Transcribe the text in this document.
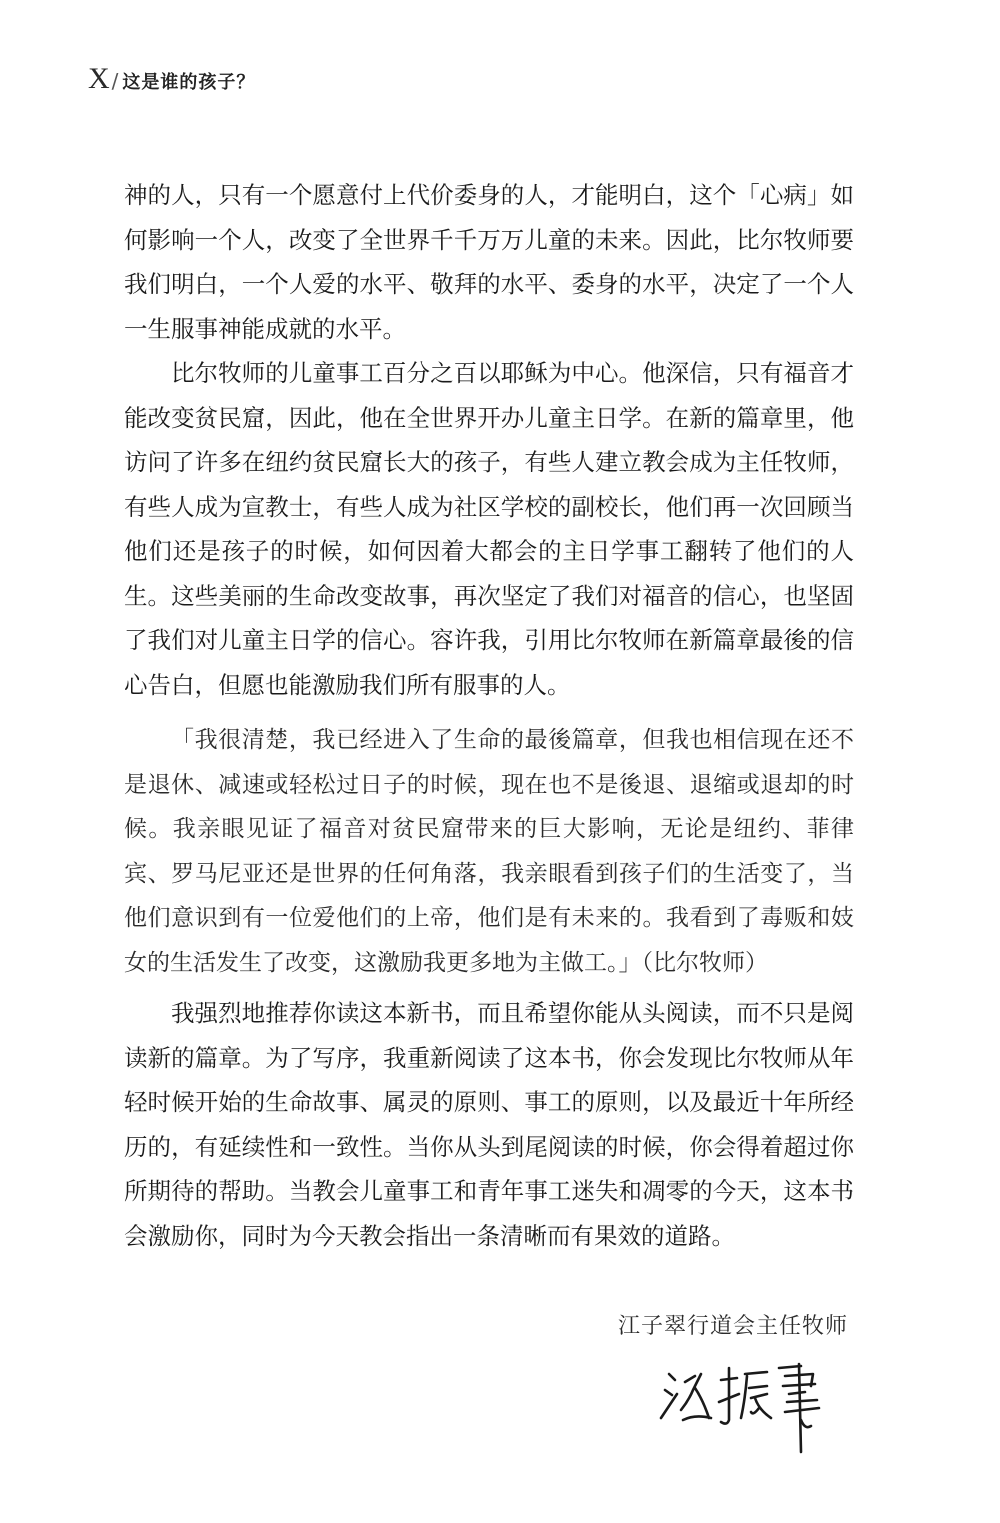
X / 这是谁的孩子？

神的人，只有一个愿意付上代价委身的人，才能明白，这个「心病」如何影响一个人，改变了全世界千千万万儿童的未来。因此，比尔牧师要我们明白，一个人爱的水平、敬拜的水平、委身的水平，决定了一个人一生服事神能成就的水平。

比尔牧师的儿童事工百分之百以耶稣为中心。他深信，只有福音才能改变贫民窟，因此，他在全世界开办儿童主日学。在新的篇章里，他访问了许多在纽约贫民窟长大的孩子，有些人建立教会成为主任牧师，有些人成为宣教士，有些人成为社区学校的副校长，他们再一次回顾当他们还是孩子的时候，如何因着大都会的主日学事工翻转了他们的人生。这些美丽的生命改变故事，再次坚定了我们对福音的信心，也坚固了我们对儿童主日学的信心。容许我，引用比尔牧师在新篇章最後的信心告白，但愿也能激励我们所有服事的人。

「我很清楚，我已经进入了生命的最後篇章，但我也相信现在还不是退休、减速或轻松过日子的时候，现在也不是後退、退缩或退却的时候。我亲眼见证了福音对贫民窟带来的巨大影响，无论是纽约、菲律宾、罗马尼亚还是世界的任何角落，我亲眼看到孩子们的生活变了，当他们意识到有一位爱他们的上帝，他们是有未来的。我看到了毒贩和妓女的生活发生了改变，这激励我更多地为主做工。」（比尔牧师）

我强烈地推荐你读这本新书，而且希望你能从头阅读，而不只是阅读新的篇章。为了写序，我重新阅读了这本书，你会发现比尔牧师从年轻时候开始的生命故事、属灵的原则、事工的原则，以及最近十年所经历的，有延续性和一致性。当你从头到尾阅读的时候，你会得着超过你所期待的帮助。当教会儿童事工和青年事工迷失和凋零的今天，这本书会激励你，同时为今天教会指出一条清晰而有果效的道路。

江子翠行道会主任牧师
